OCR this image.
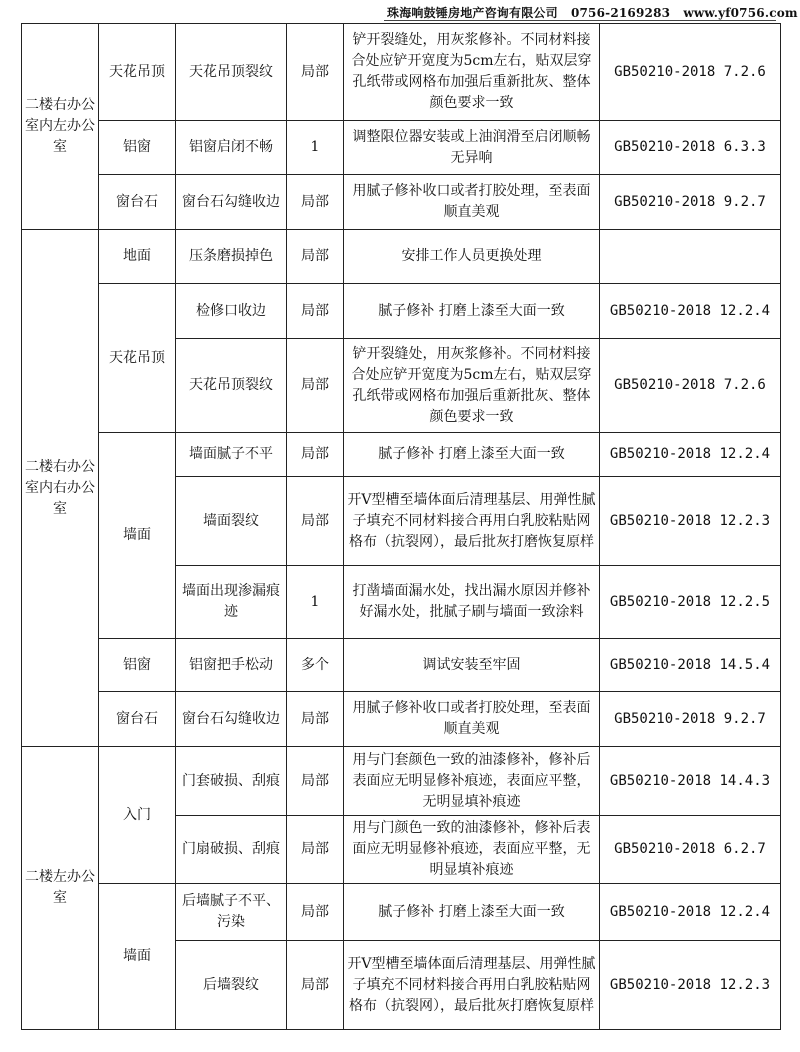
珠海响鼓锤房地产咨询有限公司 0756-2169283 www.yf0756.com
二楼右办公室内左办公室	天花吊顶	天花吊顶裂纹	局部	铲开裂缝处，用灰浆修补。不同材料接合处应铲开宽度为5cm左右，贴双层穿孔纸带或网格布加强后重新批灰、整体颜色要求一致	GB50210-2018 7.2.6
	铝窗	铝窗启闭不畅	1	调整限位器安装或上油润滑至启闭顺畅无异响	GB50210-2018 6.3.3
	窗台石	窗台石勾缝收边	局部	用腻子修补收口或者打胶处理，至表面顺直美观	GB50210-2018 9.2.7
二楼右办公室内右办公室	地面	压条磨损掉色	局部	安排工作人员更换处理	
	天花吊顶	检修口收边	局部	腻子修补 打磨上漆至大面一致	GB50210-2018 12.2.4
		天花吊顶裂纹	局部	铲开裂缝处，用灰浆修补。不同材料接合处应铲开宽度为5cm左右，贴双层穿孔纸带或网格布加强后重新批灰、整体颜色要求一致	GB50210-2018 7.2.6
	墙面	墙面腻子不平	局部	腻子修补 打磨上漆至大面一致	GB50210-2018 12.2.4
		墙面裂纹	局部	开V型槽至墙体面后清理基层、用弹性腻子填充不同材料接合再用白乳胶粘贴网格布（抗裂网），最后批灰打磨恢复原样	GB50210-2018 12.2.3
		墙面出现渗漏痕迹	1	打凿墙面漏水处，找出漏水原因并修补好漏水处，批腻子刷与墙面一致涂料	GB50210-2018 12.2.5
	铝窗	铝窗把手松动	多个	调试安装至牢固	GB50210-2018 14.5.4
	窗台石	窗台石勾缝收边	局部	用腻子修补收口或者打胶处理，至表面顺直美观	GB50210-2018 9.2.7
二楼左办公室	入门	门套破损、刮痕	局部	用与门套颜色一致的油漆修补，修补后表面应无明显修补痕迹，表面应平整，无明显填补痕迹	GB50210-2018 14.4.3
		门扇破损、刮痕	局部	用与门颜色一致的油漆修补，修补后表面应无明显修补痕迹，表面应平整，无明显填补痕迹	GB50210-2018 6.2.7
	墙面	后墙腻子不平、污染	局部	腻子修补 打磨上漆至大面一致	GB50210-2018 12.2.4
		后墙裂纹	局部	开V型槽至墙体面后清理基层、用弹性腻子填充不同材料接合再用白乳胶粘贴网格布（抗裂网），最后批灰打磨恢复原样	GB50210-2018 12.2.3
